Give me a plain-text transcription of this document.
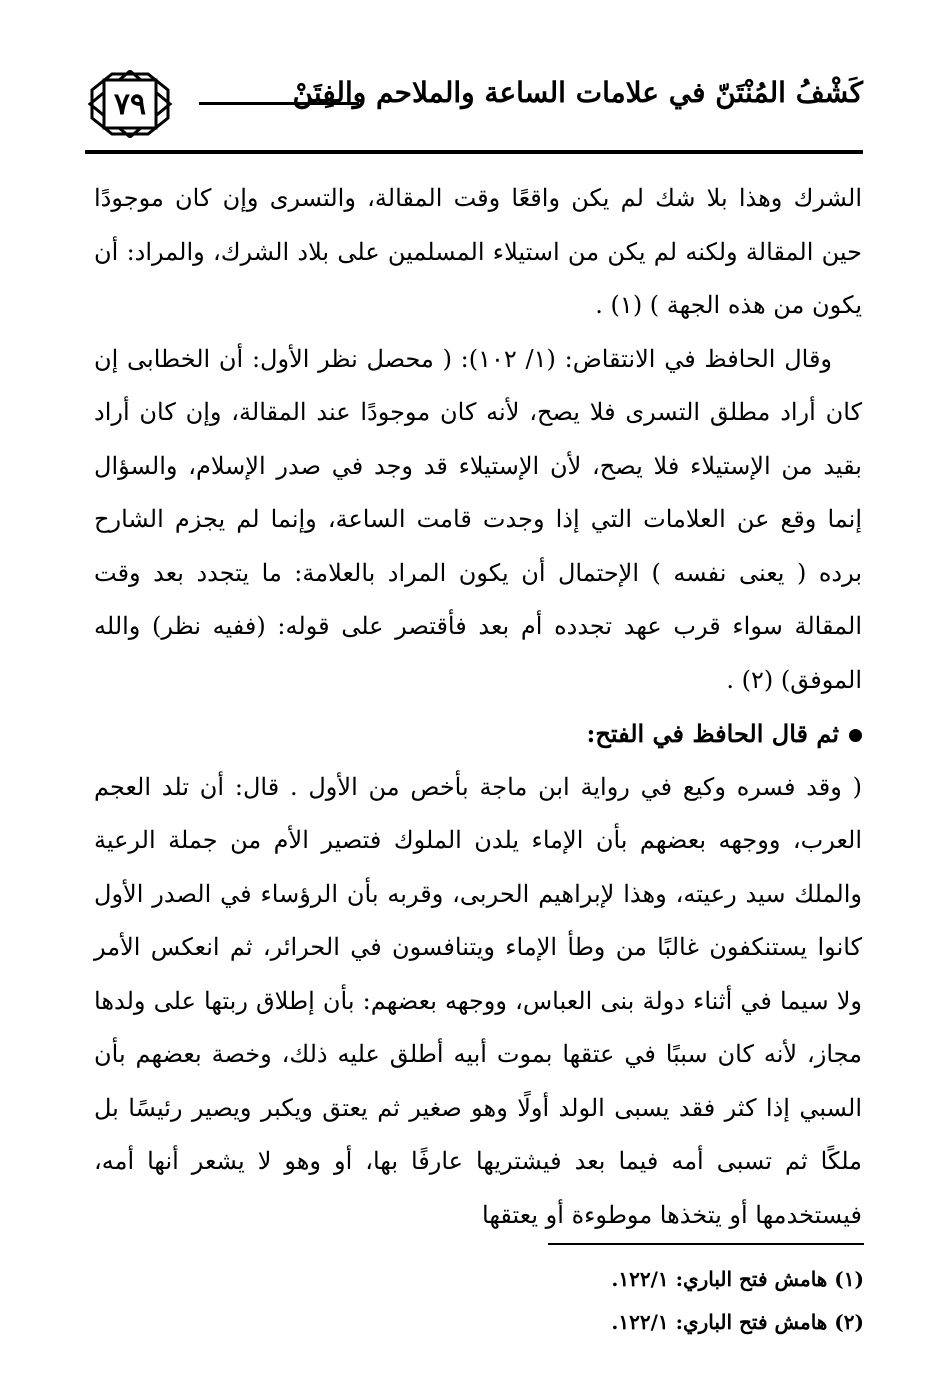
٧٩	كَشْفُ المُنْتَنّ في علامات الساعة والملاحم والفِتَنْ

الشرك وهذا بلا شك لم يكن واقعًا وقت المقالة، والتسرى وإن كان موجودًا حين المقالة ولكنه لم يكن من استيلاء المسلمين على بلاد الشرك، والمراد: أن يكون من هذه الجهة ) (١) .

وقال الحافظ في الانتقاض: (١/ ١٠٢): ( محصل نظر الأول: أن الخطابى إن كان أراد مطلق التسرى فلا يصح، لأنه كان موجودًا عند المقالة، وإن كان أراد بقيد من الإستيلاء فلا يصح، لأن الإستيلاء قد وجد في صدر الإسلام، والسؤال إنما وقع عن العلامات التي إذا وجدت قامت الساعة، وإنما لم يجزم الشارح برده ( يعنى نفسه ) الإحتمال أن يكون المراد بالعلامة: ما يتجدد بعد وقت المقالة سواء قرب عهد تجدده أم بعد فأقتصر على قوله: (ففيه نظر) والله الموفق) (٢) .

ثم قال الحافظ في الفتح:

( وقد فسره وكيع في رواية ابن ماجة بأخص من الأول . قال: أن تلد العجم العرب، ووجهه بعضهم بأن الإماء يلدن الملوك فتصير الأم من جملة الرعية والملك سيد رعيته، وهذا لإبراهيم الحربى، وقربه بأن الرؤساء في الصدر الأول كانوا يستنكفون غالبًا من وطأ الإماء ويتنافسون في الحرائر، ثم انعكس الأمر ولا سيما في أثناء دولة بنى العباس، ووجهه بعضهم: بأن إطلاق ربتها على ولدها مجاز، لأنه كان سببًا في عتقها بموت أبيه أطلق عليه ذلك، وخصة بعضهم بأن السبي إذا كثر فقد يسبى الولد أولًا وهو صغير ثم يعتق ويكبر ويصير رئيسًا بل ملكًا ثم تسبى أمه فيما بعد فيشتريها عارفًا بها، أو وهو لا يشعر أنها أمه، فيستخدمها أو يتخذها موطوءة أو يعتقها

(١) هامش فتح الباري: ١٢٢/١.

(٢) هامش فتح الباري: ١٢٢/١.
